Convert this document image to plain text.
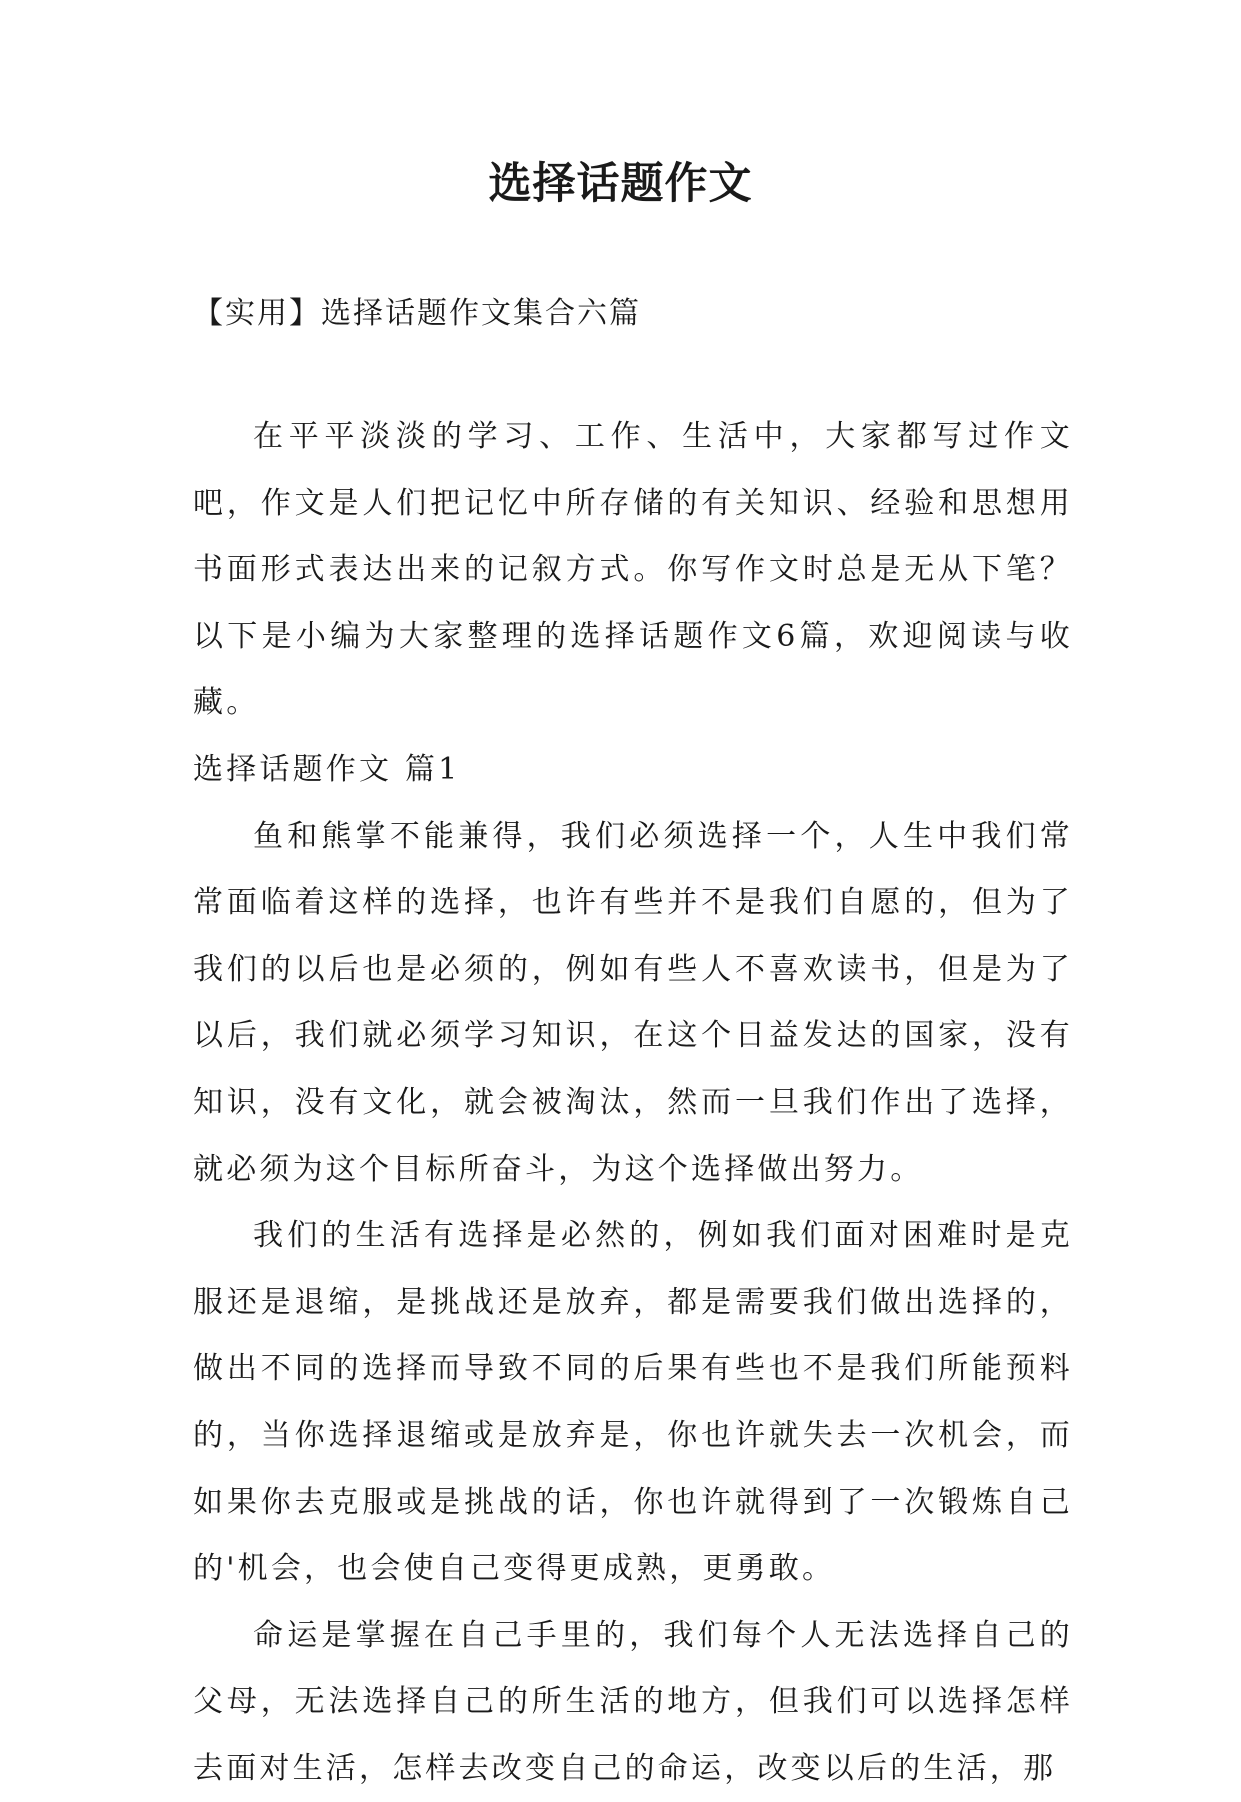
选择话题作文

【实用】选择话题作文集合六篇

在平平淡淡的学习、工作、生活中，大家都写过作文吧，作文是人们把记忆中所存储的有关知识、经验和思想用书面形式表达出来的记叙方式。你写作文时总是无从下笔？以下是小编为大家整理的选择话题作文6篇，欢迎阅读与收藏。

选择话题作文 篇1

鱼和熊掌不能兼得，我们必须选择一个，人生中我们常常面临着这样的选择，也许有些并不是我们自愿的，但为了我们的以后也是必须的，例如有些人不喜欢读书，但是为了以后，我们就必须学习知识，在这个日益发达的国家，没有知识，没有文化，就会被淘汰，然而一旦我们作出了选择，就必须为这个目标所奋斗，为这个选择做出努力。

我们的生活有选择是必然的，例如我们面对困难时是克服还是退缩，是挑战还是放弃，都是需要我们做出选择的，做出不同的选择而导致不同的后果有些也不是我们所能预料的，当你选择退缩或是放弃是，你也许就失去一次机会，而如果你去克服或是挑战的话，你也许就得到了一次锻炼自己的'机会，也会使自己变得更成熟，更勇敢。

命运是掌握在自己手里的，我们每个人无法选择自己的父母，无法选择自己的所生活的地方，但我们可以选择怎样去面对生活，怎样去改变自己的命运，改变以后的生活，那
